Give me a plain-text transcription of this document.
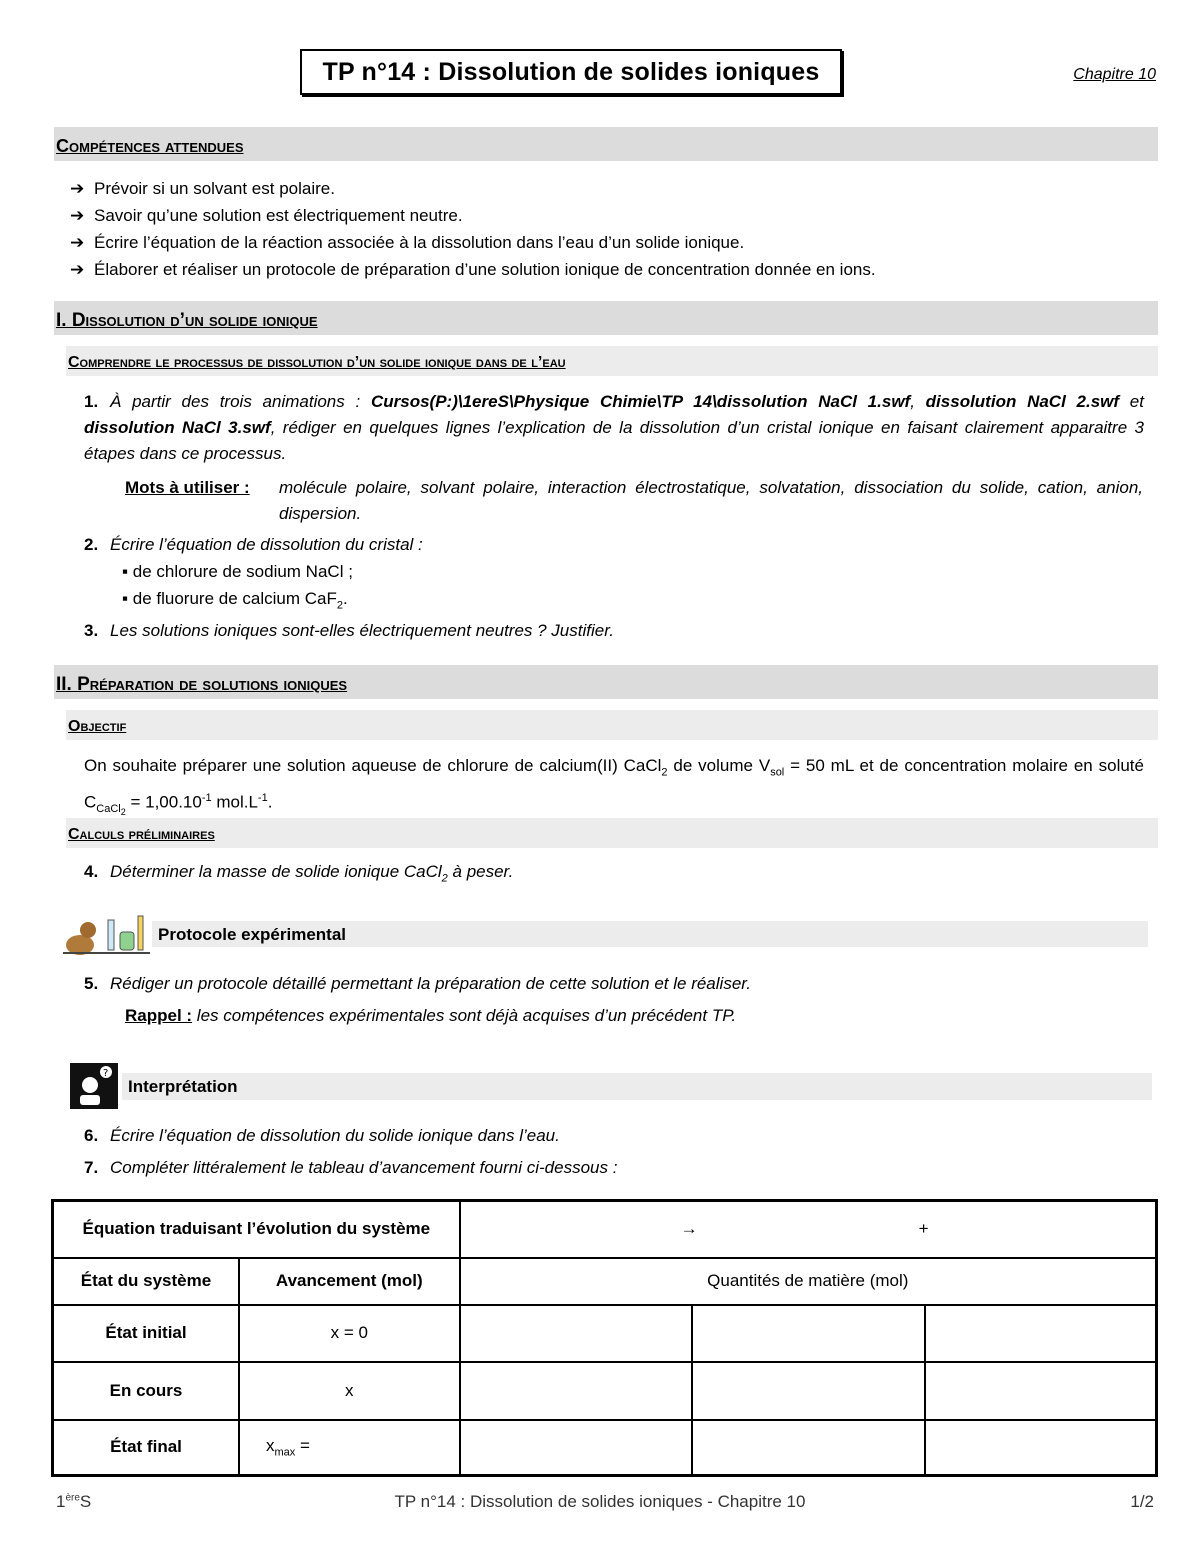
TP n°14 : Dissolution de solides ioniques	Chapitre 10
Compétences attendues
➔ Prévoir si un solvant est polaire.
➔ Savoir qu’une solution est électriquement neutre.
➔ Écrire l’équation de la réaction associée à la dissolution dans l’eau d’un solide ionique.
➔ Élaborer et réaliser un protocole de préparation d’une solution ionique de concentration donnée en ions.
I. Dissolution d’un solide ionique
Comprendre le processus de dissolution d’un solide ionique dans de l’eau
1. À partir des trois animations : Cursos(P:)\1ereS\Physique Chimie\TP 14\dissolution NaCl 1.swf, dissolution NaCl 2.swf et dissolution NaCl 3.swf, rédiger en quelques lignes l’explication de la dissolution d’un cristal ionique en faisant clairement apparaitre 3 étapes dans ce processus.
Mots à utiliser :	molécule polaire, solvant polaire, interaction électrostatique, solvatation, dissociation du solide, cation, anion, dispersion.
2. Écrire l’équation de dissolution du cristal :
▪ de chlorure de sodium NaCl ;
▪ de fluorure de calcium CaF$_2$.
3. Les solutions ioniques sont-elles électriquement neutres ? Justifier.
II. Préparation de solutions ioniques
Objectif
On souhaite préparer une solution aqueuse de chlorure de calcium(II) CaCl$_2$ de volume $V_{sol} = 50$ mL et de concentration molaire en soluté $C_{CaCl_2} = 1,00.10^{-1}$ $mol.L^{-1}$.
Calculs préliminaires
4. Déterminer la masse de solide ionique CaCl$_2$ à peser.
Protocole expérimental
5. Rédiger un protocole détaillé permettant la préparation de cette solution et le réaliser.
Rappel : les compétences expérimentales sont déjà acquises d’un précédent TP.
?
Interprétation
6. Écrire l’équation de dissolution du solide ionique dans l’eau.
7. Compléter littéralement le tableau d’avancement fourni ci-dessous :
Équation traduisant l’évolution du système		→ +		

État du système	Avancement (mol)	Quantités de matière (mol)		
État initial	x = 0			
En cours	x			
État final	$x_{max}$ =			
1èreS	TP n°14 : Dissolution de solides ioniques - Chapitre 10	1/2
